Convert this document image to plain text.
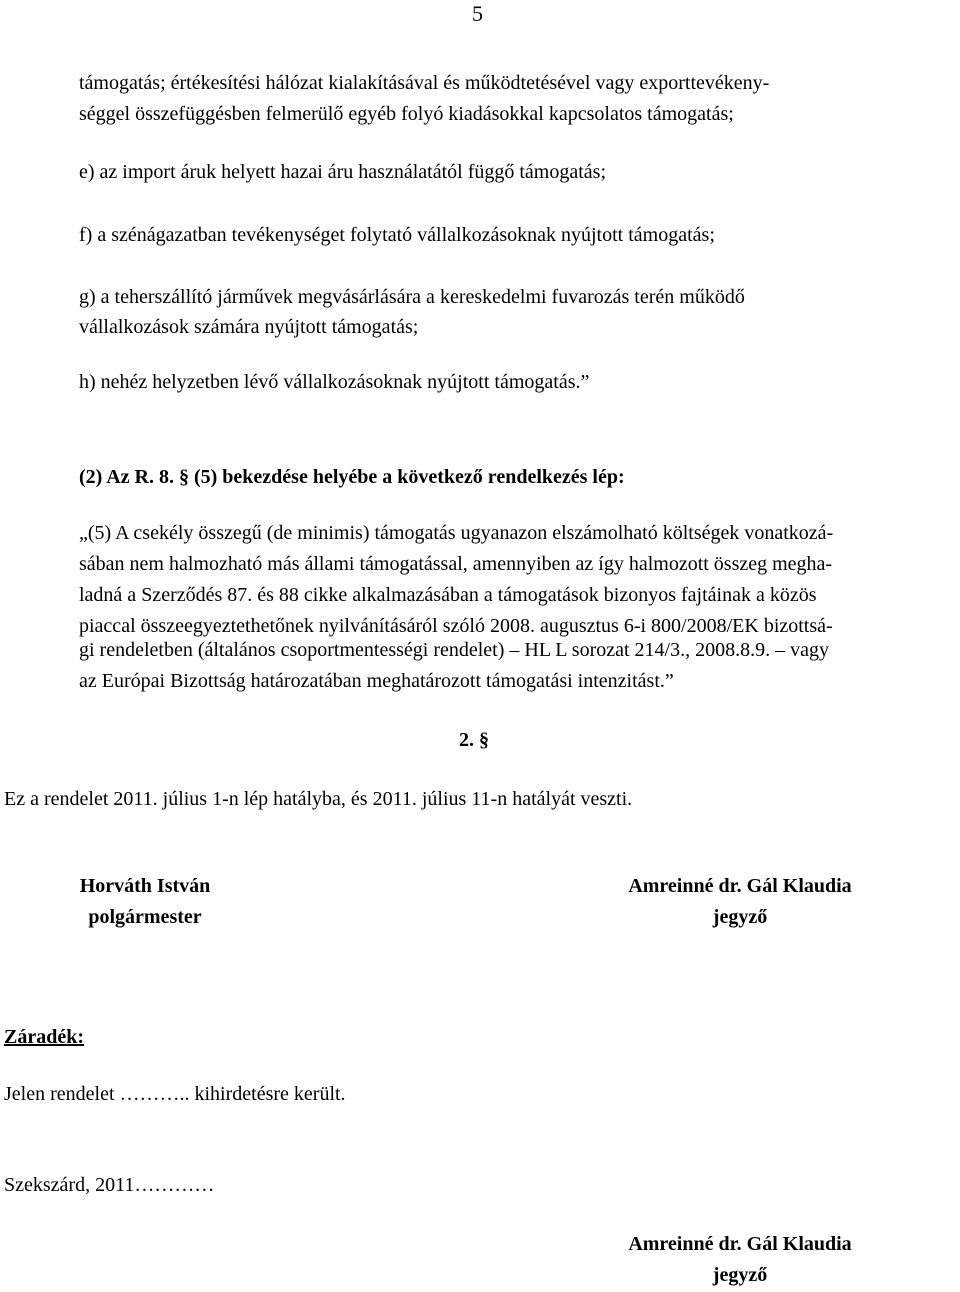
5
támogatás; értékesítési hálózat kialakításával és működtetésével vagy exporttevékeny-
séggel összefüggésben felmerülő egyéb folyó kiadásokkal kapcsolatos támogatás;
e) az import áruk helyett hazai áru használatától függő támogatás;
f) a szénágazatban tevékenységet folytató vállalkozásoknak nyújtott támogatás;
g) a teherszállító járművek megvásárlására a kereskedelmi fuvarozás terén működő
vállalkozások számára nyújtott támogatás;
h) nehéz helyzetben lévő vállalkozásoknak nyújtott támogatás.”
(2) Az R. 8. § (5) bekezdése helyébe a következő rendelkezés lép:
„(5) A csekély összegű (de minimis) támogatás ugyanazon elszámolható költségek vonatkozá-
sában nem halmozható más állami támogatással, amennyiben az így halmozott összeg megha-
ladná a Szerződés 87. és 88 cikke alkalmazásában a támogatások bizonyos fajtáinak a közös
piaccal összeegyeztethetőnek nyilvánításáról szóló 2008. augusztus 6-i 800/2008/EK bizottsá-
gi rendeletben (általános csoportmentességi rendelet) – HL L sorozat 214/3., 2008.8.9. – vagy
az Európai Bizottság határozatában meghatározott támogatási intenzitást.”
2. §
Ez a rendelet 2011. július 1-n lép hatályba, és 2011. július 11-n hatályát veszti.
Horváth István
polgármester
Amreinné dr. Gál Klaudia
jegyző
Záradék:
Jelen rendelet ……….. kihirdetésre került.
Szekszárd, 2011…………
Amreinné dr. Gál Klaudia
jegyző
